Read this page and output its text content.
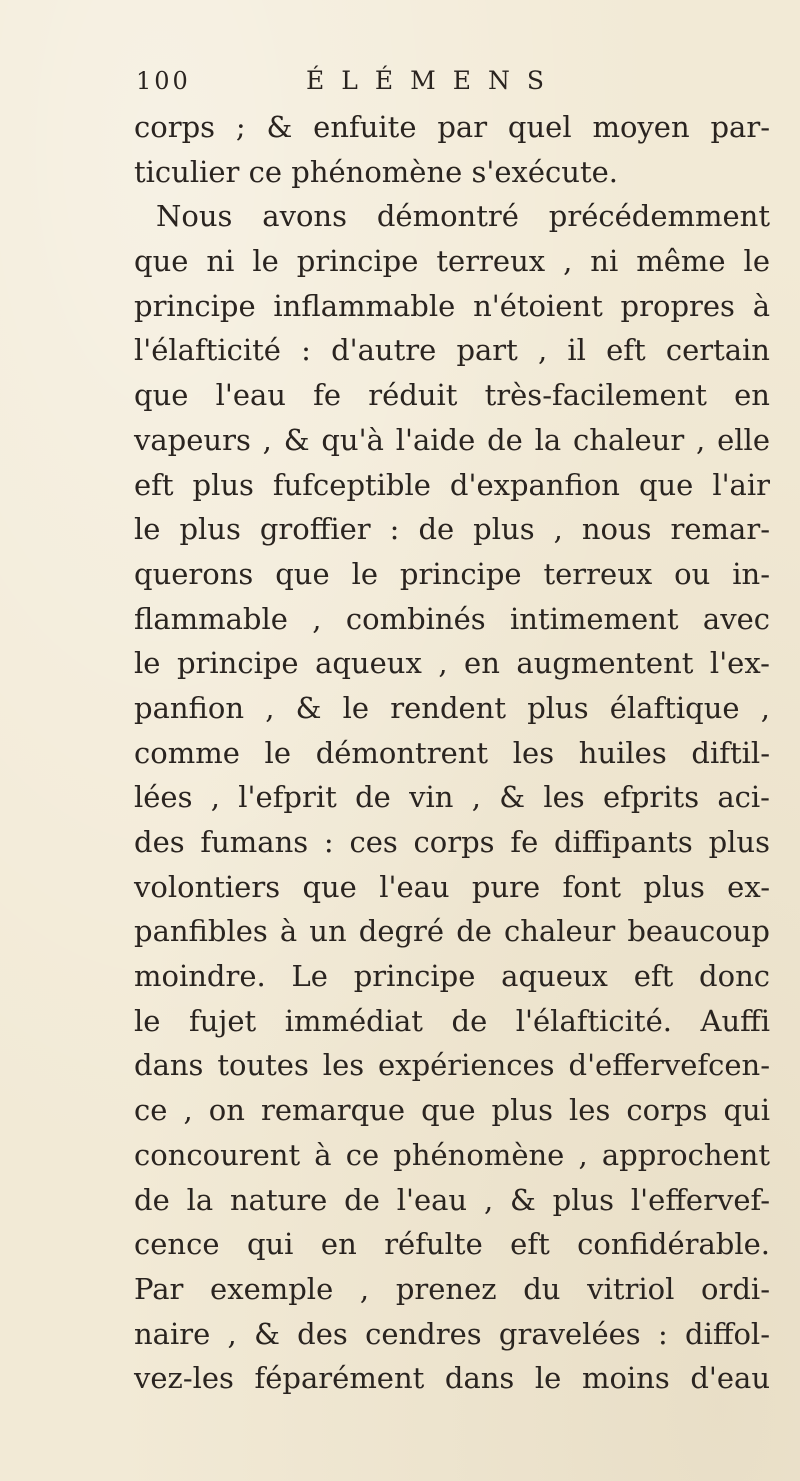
100	ÉLÉMENS
corps ; & enfuite par quel moyen par-
ticulier ce phénomène s'exécute.
Nous avons démontré précédemment
que ni le principe terreux , ni même le
principe inflammable n'étoient propres à
l'élafticité : d'autre part , il eft certain
que l'eau fe réduit très-facilement en
vapeurs , & qu'à l'aide de la chaleur , elle
eft plus fufceptible d'expanfion que l'air
le plus groffier : de plus , nous remar-
querons que le principe terreux ou in-
flammable , combinés intimement avec
le principe aqueux , en augmentent l'ex-
panfion , & le rendent plus élaftique ,
comme le démontrent les huiles diftil-
lées , l'efprit de vin , & les efprits aci-
des fumans : ces corps fe diffipants plus
volontiers que l'eau pure font plus ex-
panfibles à un degré de chaleur beaucoup
moindre. Le principe aqueux eft donc
le fujet immédiat de l'élafticité. Auffi
dans toutes les expériences d'effervefcen-
ce , on remarque que plus les corps qui
concourent à ce phénomène , approchent
de la nature de l'eau , & plus l'effervef-
cence qui en réfulte eft confidérable.
Par exemple , prenez du vitriol ordi-
naire , & des cendres gravelées : diffol-
vez-les féparément dans le moins d'eau
